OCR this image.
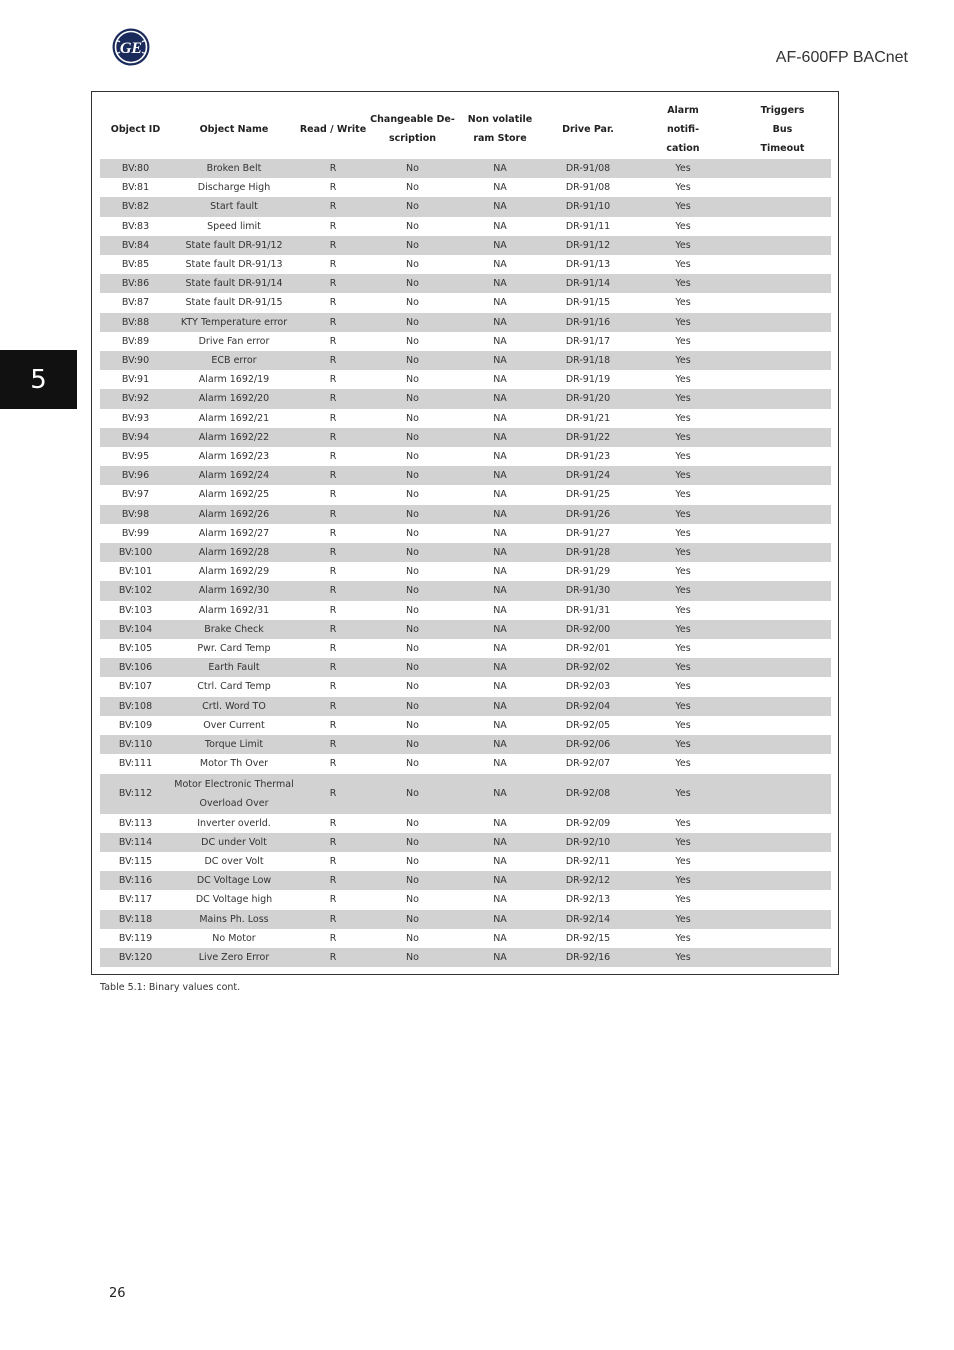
GE
AF-600FP BACnet
5
Object ID	Object Name	Read / Write	Changeable De- scription	Non volatile ram Store	Drive Par.	Alarm notifi- cation	Triggers Bus Timeout
BV:80	Broken Belt	R	No	NA	DR-91/08	Yes	
BV:81	Discharge High	R	No	NA	DR-91/08	Yes	
BV:82	Start fault	R	No	NA	DR-91/10	Yes	
BV:83	Speed limit	R	No	NA	DR-91/11	Yes	
BV:84	State fault DR-91/12	R	No	NA	DR-91/12	Yes	
BV:85	State fault DR-91/13	R	No	NA	DR-91/13	Yes	
BV:86	State fault DR-91/14	R	No	NA	DR-91/14	Yes	
BV:87	State fault DR-91/15	R	No	NA	DR-91/15	Yes	
BV:88	KTY Temperature error	R	No	NA	DR-91/16	Yes	
BV:89	Drive Fan error	R	No	NA	DR-91/17	Yes	
BV:90	ECB error	R	No	NA	DR-91/18	Yes	
BV:91	Alarm 1692/19	R	No	NA	DR-91/19	Yes	
BV:92	Alarm 1692/20	R	No	NA	DR-91/20	Yes	
BV:93	Alarm 1692/21	R	No	NA	DR-91/21	Yes	
BV:94	Alarm 1692/22	R	No	NA	DR-91/22	Yes	
BV:95	Alarm 1692/23	R	No	NA	DR-91/23	Yes	
BV:96	Alarm 1692/24	R	No	NA	DR-91/24	Yes	
BV:97	Alarm 1692/25	R	No	NA	DR-91/25	Yes	
BV:98	Alarm 1692/26	R	No	NA	DR-91/26	Yes	
BV:99	Alarm 1692/27	R	No	NA	DR-91/27	Yes	
BV:100	Alarm 1692/28	R	No	NA	DR-91/28	Yes	
BV:101	Alarm 1692/29	R	No	NA	DR-91/29	Yes	
BV:102	Alarm 1692/30	R	No	NA	DR-91/30	Yes	
BV:103	Alarm 1692/31	R	No	NA	DR-91/31	Yes	
BV:104	Brake Check	R	No	NA	DR-92/00	Yes	
BV:105	Pwr. Card Temp	R	No	NA	DR-92/01	Yes	
BV:106	Earth Fault	R	No	NA	DR-92/02	Yes	
BV:107	Ctrl. Card Temp	R	No	NA	DR-92/03	Yes	
BV:108	Crtl. Word TO	R	No	NA	DR-92/04	Yes	
BV:109	Over Current	R	No	NA	DR-92/05	Yes	
BV:110	Torque Limit	R	No	NA	DR-92/06	Yes	
BV:111	Motor Th Over	R	No	NA	DR-92/07	Yes	
BV:112	Motor Electronic Thermal Overload Over	R	No	NA	DR-92/08	Yes	
BV:113	Inverter overld.	R	No	NA	DR-92/09	Yes	
BV:114	DC under Volt	R	No	NA	DR-92/10	Yes	
BV:115	DC over Volt	R	No	NA	DR-92/11	Yes	
BV:116	DC Voltage Low	R	No	NA	DR-92/12	Yes	
BV:117	DC Voltage high	R	No	NA	DR-92/13	Yes	
BV:118	Mains Ph. Loss	R	No	NA	DR-92/14	Yes	
BV:119	No Motor	R	No	NA	DR-92/15	Yes	
BV:120	Live Zero Error	R	No	NA	DR-92/16	Yes	
Table 5.1: Binary values cont.
26
